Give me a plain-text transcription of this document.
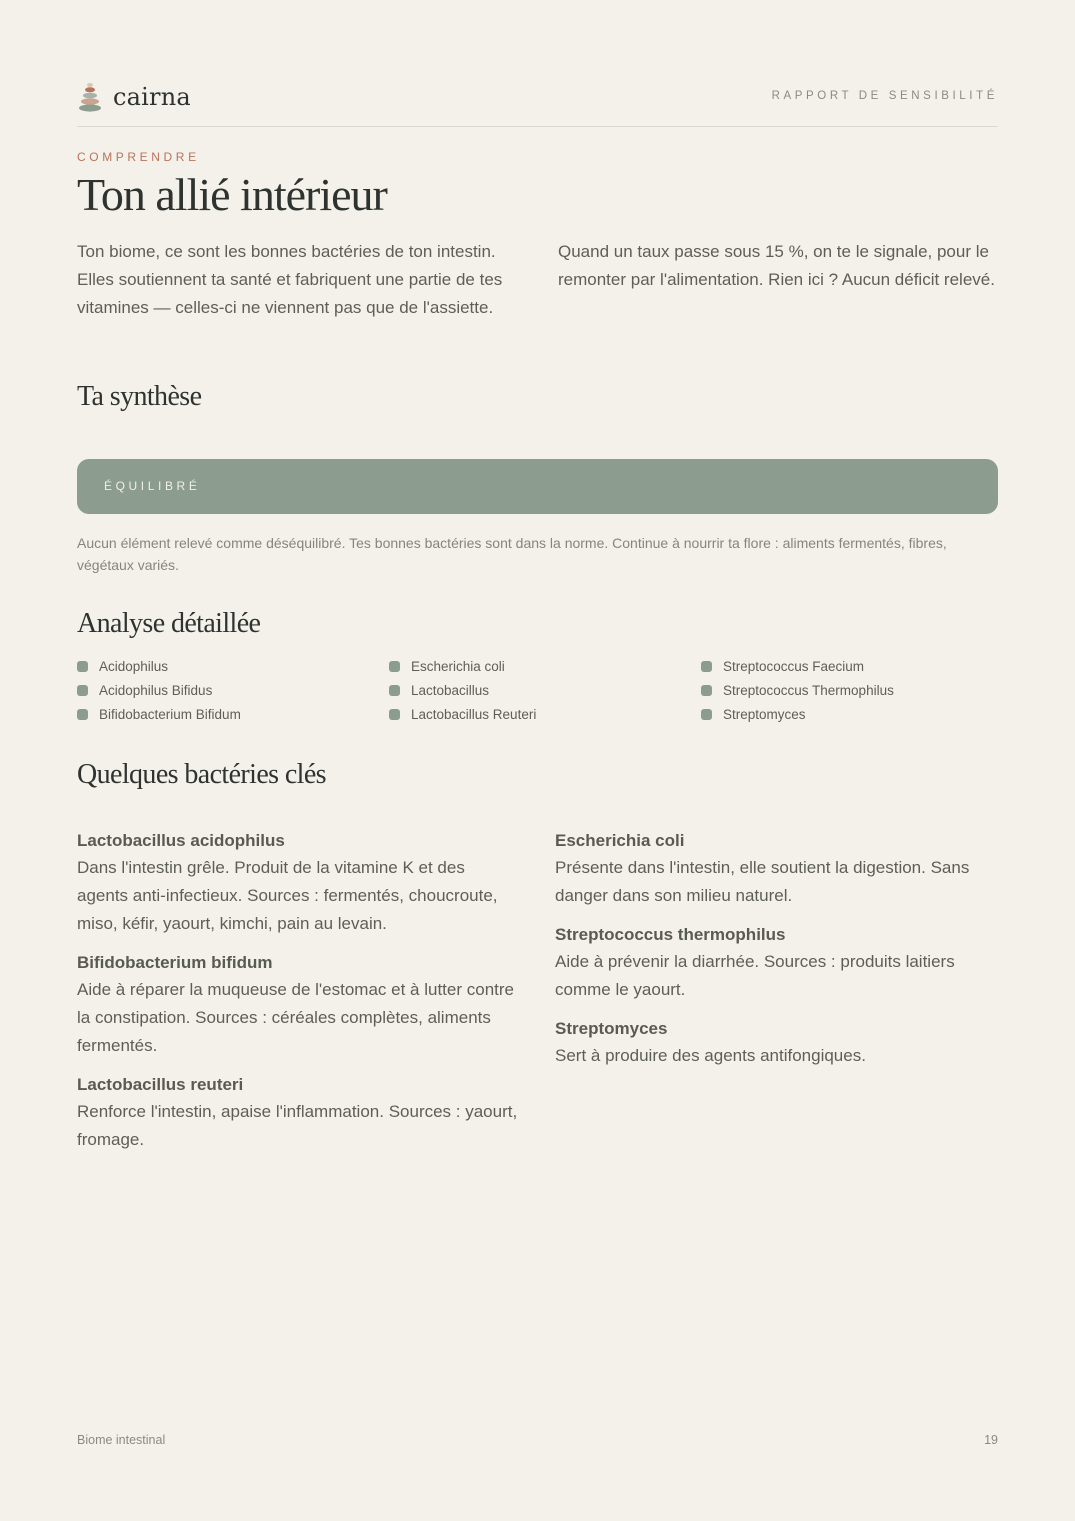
cairna	RAPPORT DE SENSIBILITÉ
COMPRENDRE
Ton allié intérieur

Ton biome, ce sont les bonnes bactéries de ton intestin. Elles soutiennent ta santé et fabriquent une partie de tes vitamines — celles-ci ne viennent pas que de l'assiette.

Quand un taux passe sous 15 %, on te le signale, pour le remonter par l'alimentation. Rien ici ? Aucun déficit relevé.

Ta synthèse
ÉQUILIBRÉ

Aucun élément relevé comme déséquilibré. Tes bonnes bactéries sont dans la norme. Continue à nourrir ta flore : aliments fermentés, fibres, végétaux variés.

Analyse détaillée
Acidophilus	Escherichia coli	Streptococcus Faecium
Acidophilus Bifidus	Lactobacillus	Streptococcus Thermophilus
Bifidobacterium Bifidum	Lactobacillus Reuteri	Streptomyces
Quelques bactéries clés
Lactobacillus acidophilus
Dans l'intestin grêle. Produit de la vitamine K et des agents anti-infectieux. Sources : fermentés, choucroute, miso, kéfir, yaourt, kimchi, pain au levain.
Bifidobacterium bifidum
Aide à réparer la muqueuse de l'estomac et à lutter contre la constipation. Sources : céréales complètes, aliments fermentés.
Lactobacillus reuteri
Renforce l'intestin, apaise l'inflammation. Sources : yaourt, fromage.
Escherichia coli
Présente dans l'intestin, elle soutient la digestion. Sans danger dans son milieu naturel.
Streptococcus thermophilus
Aide à prévenir la diarrhée. Sources : produits laitiers comme le yaourt.
Streptomyces
Sert à produire des agents antifongiques.
Biome intestinal	19
